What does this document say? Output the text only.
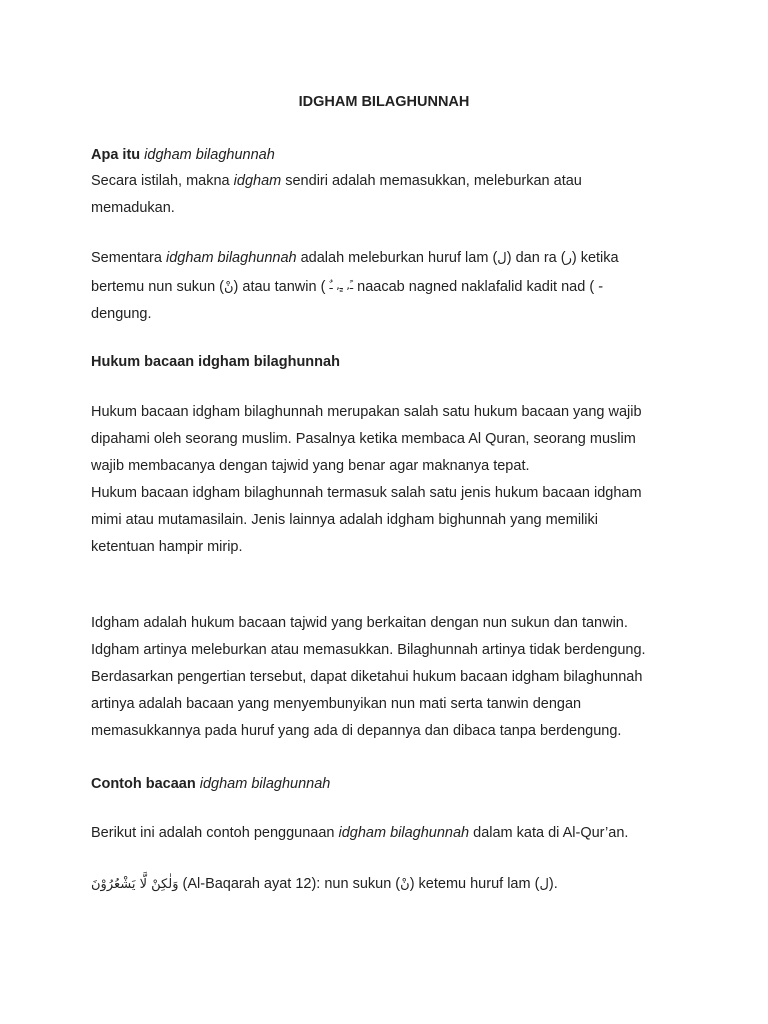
IDGHAM BILAGHUNNAH
Apa itu idgham bilaghunnah
Secara istilah, makna idgham sendiri adalah memasukkan, meleburkan atau
memadukan.
Sementara idgham bilaghunnah adalah meleburkan huruf lam (ل) dan ra (ر) ketika
bertemu nun sukun (نْ) atau tanwin ( ـً, ـٍ, ـٌ naacab nagned naklafalid kadit nad ( -
dengung.
Hukum bacaan idgham bilaghunnah
Hukum bacaan idgham bilaghunnah merupakan salah satu hukum bacaan yang wajib
dipahami oleh seorang muslim. Pasalnya ketika membaca Al Quran, seorang muslim
wajib membacanya dengan tajwid yang benar agar maknanya tepat.
Hukum bacaan idgham bilaghunnah termasuk salah satu jenis hukum bacaan idgham
mimi atau mutamasilain. Jenis lainnya adalah idgham bighunnah yang memiliki
ketentuan hampir mirip.
Idgham adalah hukum bacaan tajwid yang berkaitan dengan nun sukun dan tanwin.
Idgham artinya meleburkan atau memasukkan. Bilaghunnah artinya tidak berdengung.
Berdasarkan pengertian tersebut, dapat diketahui hukum bacaan idgham bilaghunnah
artinya adalah bacaan yang menyembunyikan nun mati serta tanwin dengan
memasukkannya pada huruf yang ada di depannya dan dibaca tanpa berdengung.
Contoh bacaan idgham bilaghunnah
Berikut ini adalah contoh penggunaan idgham bilaghunnah dalam kata di Al-Qur’an.
وَلٰكِنْ لَّا يَشْعُرُوْنَ (Al-Baqarah ayat 12): nun sukun (نْ) ketemu huruf lam (ل).
